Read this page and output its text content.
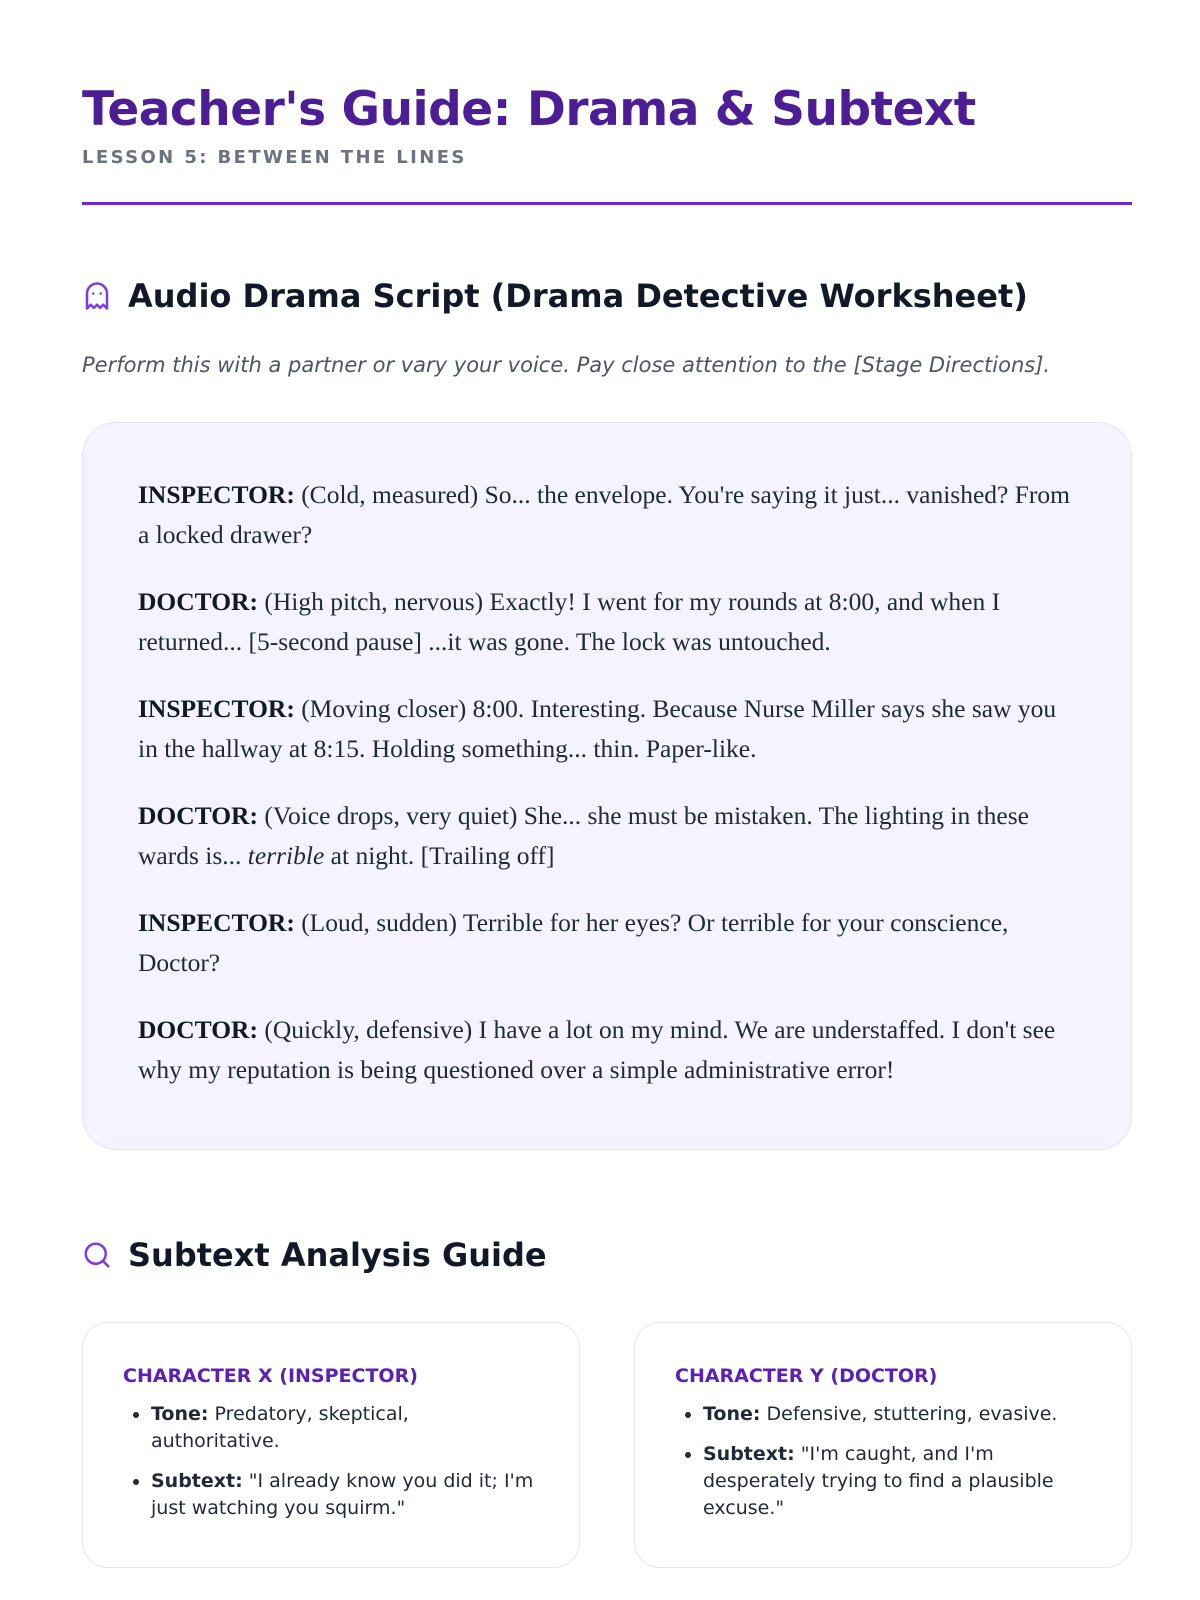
Teacher's Guide: Drama & Subtext
LESSON 5: BETWEEN THE LINES
Audio Drama Script (Drama Detective Worksheet)
Perform this with a partner or vary your voice. Pay close attention to the [Stage Directions].

INSPECTOR: (Cold, measured) So... the envelope. You're saying it just... vanished? From a locked drawer?

DOCTOR: (High pitch, nervous) Exactly! I went for my rounds at 8:00, and when I returned... [5-second pause] ...it was gone. The lock was untouched.

INSPECTOR: (Moving closer) 8:00. Interesting. Because Nurse Miller says she saw you in the hallway at 8:15. Holding something... thin. Paper-like.

DOCTOR: (Voice drops, very quiet) She... she must be mistaken. The lighting in these wards is... terrible at night. [Trailing off]

INSPECTOR: (Loud, sudden) Terrible for her eyes? Or terrible for your conscience, Doctor?

DOCTOR: (Quickly, defensive) I have a lot on my mind. We are understaffed. I don't see why my reputation is being questioned over a simple administrative error!

Subtext Analysis Guide
CHARACTER X (INSPECTOR)
• Tone: Predatory, skeptical, authoritative.
• Subtext: "I already know you did it; I'm just watching you squirm."
CHARACTER Y (DOCTOR)
• Tone: Defensive, stuttering, evasive.
• Subtext: "I'm caught, and I'm desperately trying to find a plausible excuse."
